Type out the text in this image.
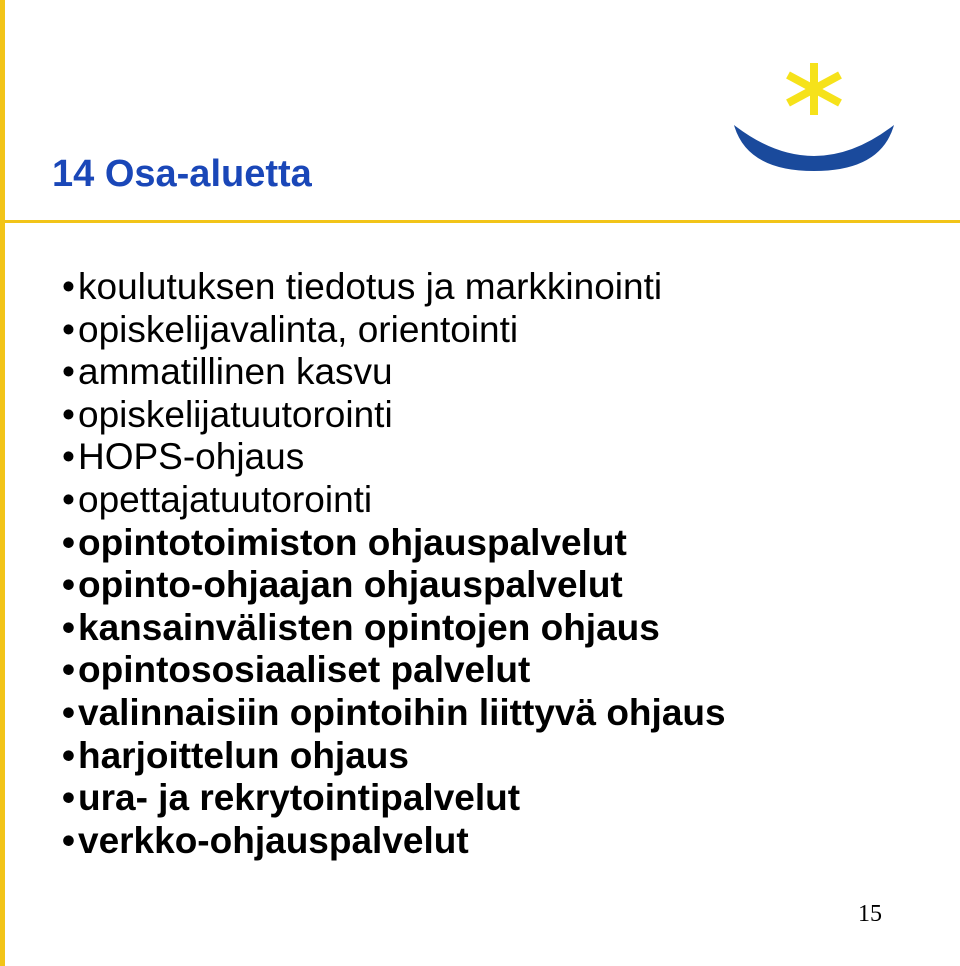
14 Osa-aluetta
•koulutuksen tiedotus ja markkinointi
•opiskelijavalinta, orientointi
•ammatillinen kasvu
•opiskelijatuutorointi
•HOPS-ohjaus
•opettajatuutorointi
•opintotoimiston ohjauspalvelut
•opinto-ohjaajan ohjauspalvelut
•kansainvälisten opintojen ohjaus
•opintososiaaliset palvelut
•valinnaisiin opintoihin liittyvä ohjaus
•harjoittelun ohjaus
•ura- ja rekrytointipalvelut
•verkko-ohjauspalvelut
15
